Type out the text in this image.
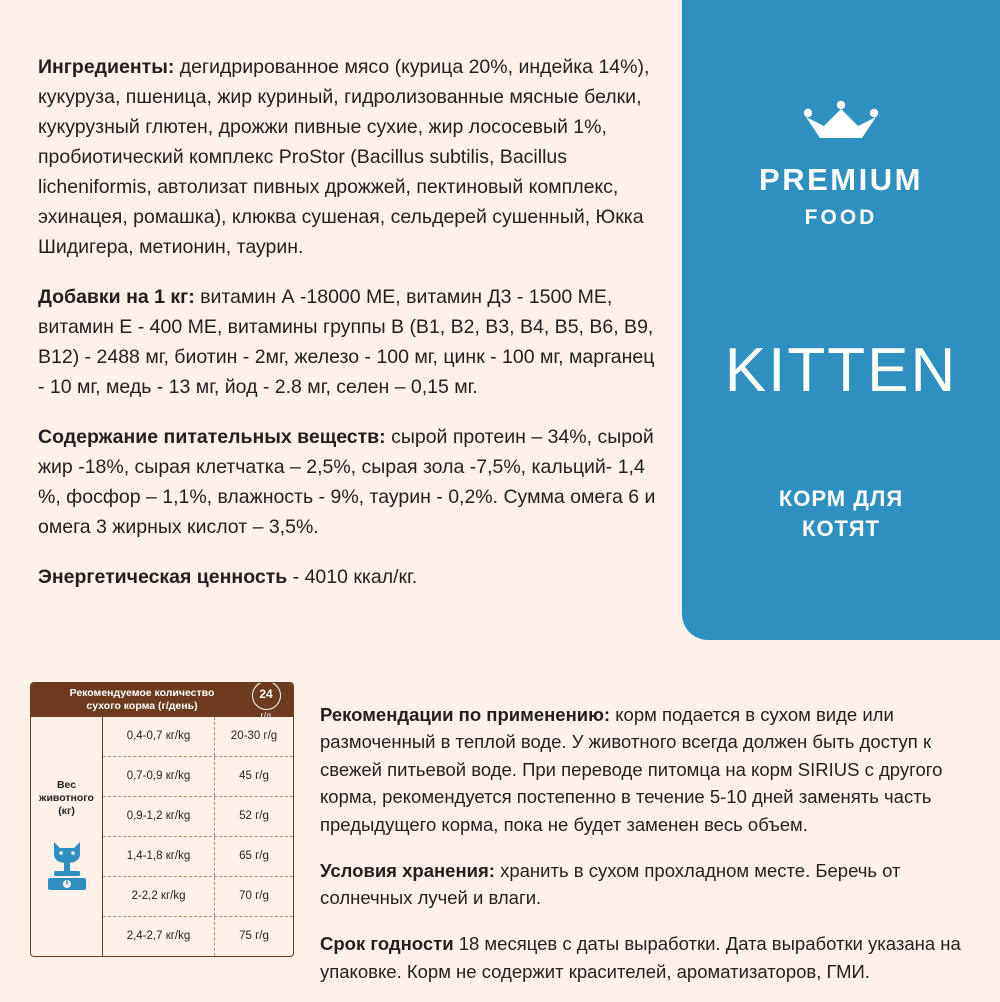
Ингредиенты: дегидрированное мясо (курица 20%, индейка 14%), кукуруза, пшеница, жир куриный, гидролизованные мясные белки, кукурузный глютен, дрожжи пивные сухие, жир лососевый 1%, пробиотический комплекс ProStor (Bacillus subtilis, Bacillus licheniformis, автолизат пивных дрожжей, пектиновый комплекс, эхинацея, ромашка), клюква сушеная, сельдерей сушенный, Юкка Шидигера, метионин, таурин.

Добавки на 1 кг: витамин А -18000 МЕ, витамин Д3 - 1500 МЕ, витамин Е - 400 МЕ, витамины группы В (В1, В2, В3, В4, В5, В6, В9, В12) - 2488 мг, биотин - 2мг, железо - 100 мг, цинк - 100 мг, марганец - 10 мг, медь - 13 мг, йод - 2.8 мг, селен – 0,15 мг.

Содержание питательных веществ: сырой протеин – 34%, сырой жир -18%, сырая клетчатка – 2,5%, сырая зола -7,5%, кальций- 1,4 %, фосфор – 1,1%, влажность - 9%, таурин - 0,2%. Сумма омега 6 и омега 3 жирных кислот – 3,5%.

Энергетическая ценность - 4010 ккал/кг.

PREMIUM
FOOD
KITTEN
КОРМ ДЛЯ
КОТЯТ
Рекомендуемое количество
сухого корма (г/день)
24
r/g
Вес
животного
(кг)
0,4-0,7 кг/kg	20-30 г/g
0,7-0,9 кг/kg	45 г/g
0,9-1,2 кг/kg	52 г/g
1,4-1,8 кг/kg	65 г/g
2-2,2 кг/kg	70 г/g
2,4-2,7 кг/kg	75 г/g

Рекомендации по применению: корм подается в сухом виде или размоченный в теплой воде. У животного всегда должен быть доступ к свежей питьевой воде. При переводе питомца на корм SIRIUS с другого корма, рекомендуется постепенно в течение 5-10 дней заменять часть предыдущего корма, пока не будет заменен весь объем.

Условия хранения: хранить в сухом прохладном месте. Беречь от солнечных лучей и влаги.

Срок годности 18 месяцев с даты выработки. Дата выработки указана на упаковке. Корм не содержит красителей, ароматизаторов, ГМИ.
